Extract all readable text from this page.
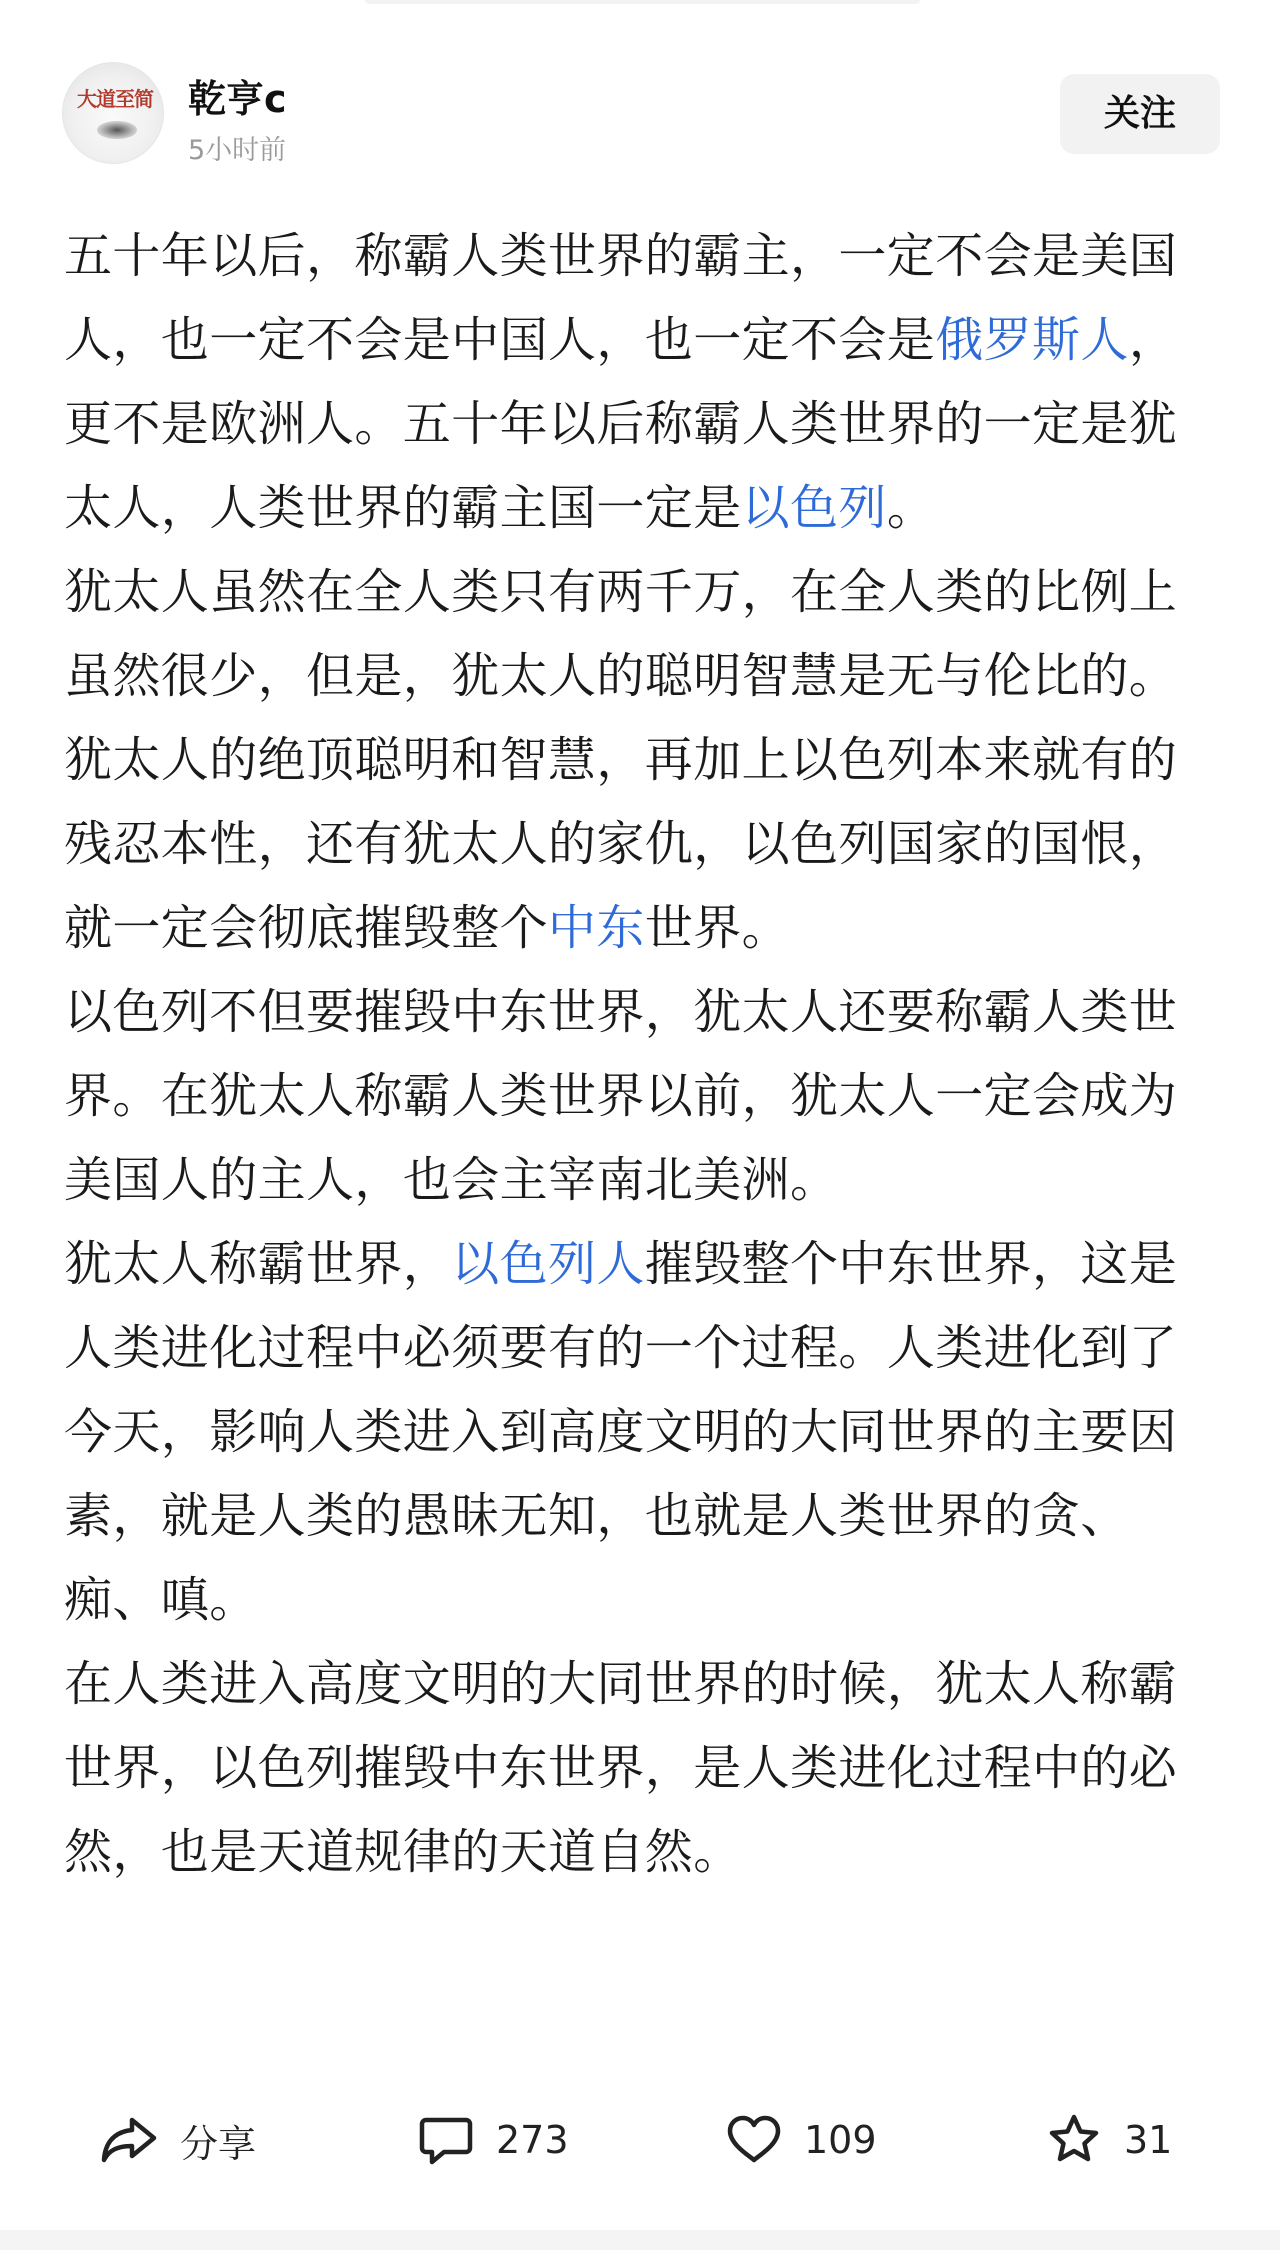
大道至简 乾亨c
5小时前
关注

五十年以后，称霸人类世界的霸主，一定不会是美国人，也一定不会是中国人，也一定不会是俄罗斯人，更不是欧洲人。五十年以后称霸人类世界的一定是犹太人，人类世界的霸主国一定是以色列。

犹太人虽然在全人类只有两千万，在全人类的比例上虽然很少，但是，犹太人的聪明智慧是无与伦比的。犹太人的绝顶聪明和智慧，再加上以色列本来就有的残忍本性，还有犹太人的家仇，以色列国家的国恨，就一定会彻底摧毁整个中东世界。

以色列不但要摧毁中东世界，犹太人还要称霸人类世界。在犹太人称霸人类世界以前，犹太人一定会成为美国人的主人，也会主宰南北美洲。

犹太人称霸世界，以色列人摧毁整个中东世界，这是人类进化过程中必须要有的一个过程。人类进化到了今天，影响人类进入到高度文明的大同世界的主要因素，就是人类的愚昧无知，也就是人类世界的贪、痴、嗔。

在人类进入高度文明的大同世界的时候，犹太人称霸世界，以色列摧毁中东世界，是人类进化过程中的必然，也是天道规律的天道自然。

分享	273	109	31
